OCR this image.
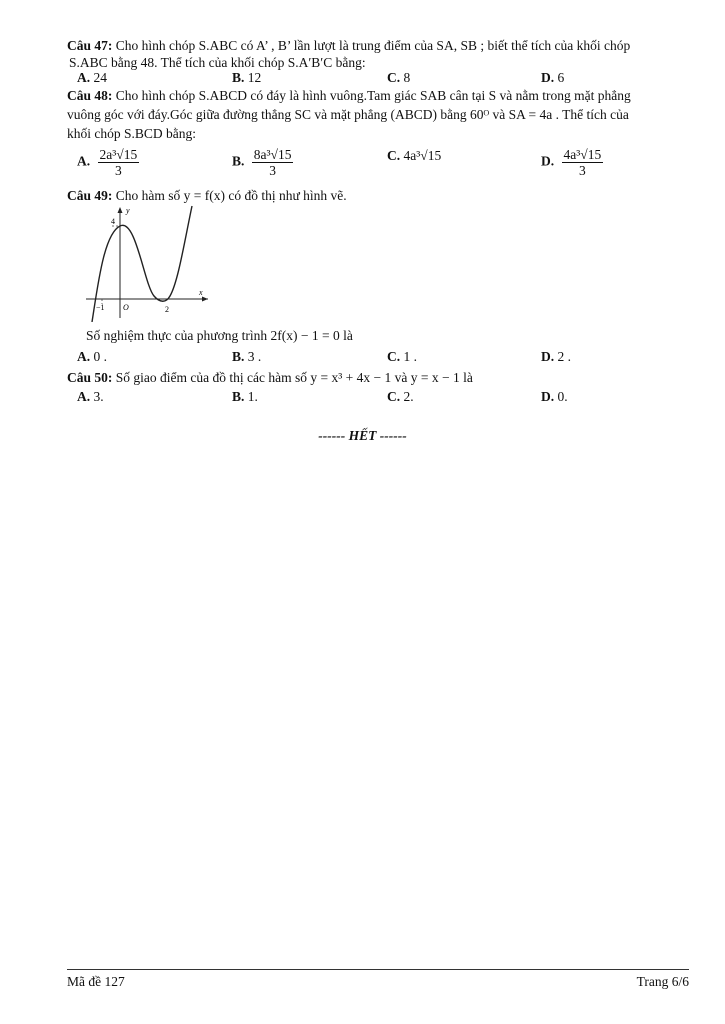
Câu 47: Cho hình chóp S.ABC có A’ , B’ lần lượt là trung điểm của SA, SB ; biết thể tích của khối chóp
S.ABC bằng 48. Thể tích của khối chóp S.A′B′C bằng:
A. 24	B. 12	C. 8	D. 6
Câu 48: Cho hình chóp S.ABCD có đáy là hình vuông.Tam giác SAB cân tại S và nằm trong mặt phẳng
vuông góc với đáy.Góc giữa đường thẳng SC và mặt phẳng (ABCD) bằng 60ᴼ và SA = 4a . Thể tích của
khối chóp S.BCD bằng:
A. $\frac{\text{2a³√15}}{3}$	B. $\frac{\text{8a³√15}}{3}$	C. 4a³√15	D. $\frac{\text{4a³√15}}{3}$
Câu 49: Cho hàm số y = f(x) có đồ thị như hình vẽ.
y
x
4
O
−1	2
Số nghiệm thực của phương trình 2f(x) − 1 = 0 là
A. 0 .	B. 3 .	C. 1 .	D. 2 .
Câu 50: Số giao điểm của đồ thị các hàm số y = x³ + 4x − 1 và y = x − 1 là
A. 3.	B. 1.	C. 2.	D. 0.
------ HẾT ------
Mã đề 127	Trang 6/6
